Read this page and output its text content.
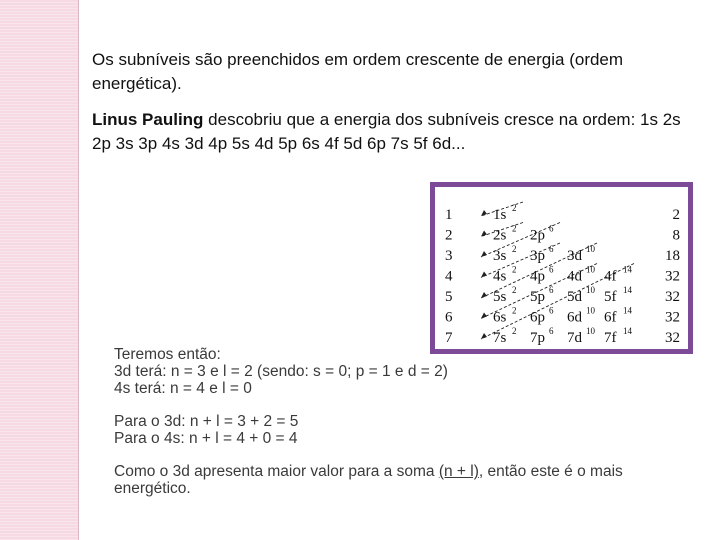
Os subníveis são preenchidos em ordem crescente de energia (ordem energética).

Linus Pauling descobriu que a energia dos subníveis cresce na ordem: 1s 2s 2p 3s 3p 4s 3d 4p 5s 4d 5p 6s 4f 5d 6p 7s 5f 6d...

1
2
3
4
5
6
7
2
8
18
32
32
32
32
1s 2
2s 2 2p 6
3s 2 3p 6 3d 10
4s 2 4p 6 4d 10 4f 14
5s 2 5p 6 5d 10 5f 14
6s 2 6p 6 6d 10 6f 14
7s 2 7p 6 7d 10 7f 14
Teremos então:
3d terá: n = 3 e l = 2 (sendo: s = 0; p = 1 e d = 2)
4s terá: n = 4 e l = 0
Para o 3d: n + l = 3 + 2 = 5
Para o 4s: n + l = 4 + 0 = 4
Como o 3d apresenta maior valor para a soma (n + l), então este é o mais
energético.
